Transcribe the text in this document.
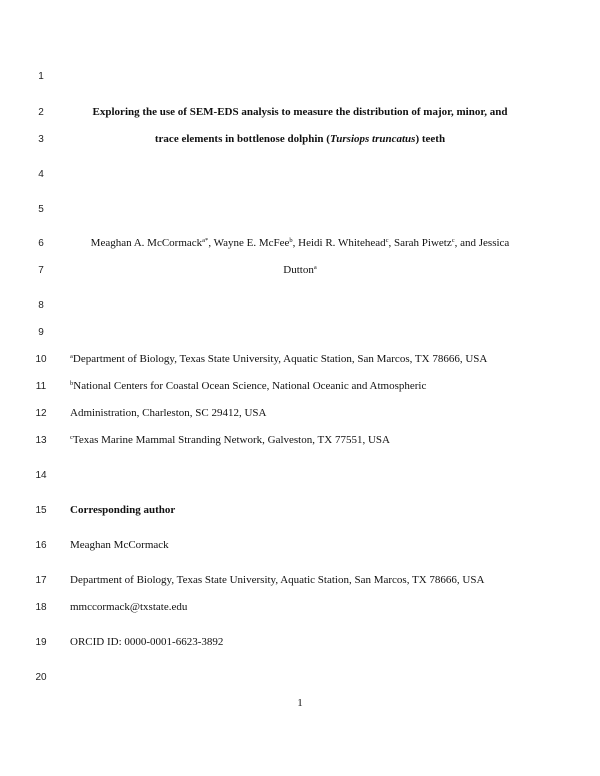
1
2
3
4
5
6
7
8
9
10
11
12
13
14
15
16
17
18
19
20
Exploring the use of SEM-EDS analysis to measure the distribution of major, minor, and
trace elements in bottlenose dolphin (Tursiops truncatus) teeth
Meaghan A. McCormack$^{a*}$, Wayne E. McFee$^b$, Heidi R. Whitehead$^c$, Sarah Piwetz$^c$, and Jessica
Dutton$^a$
$^a$Department of Biology, Texas State University, Aquatic Station, San Marcos, TX 78666, USA
$^b$National Centers for Coastal Ocean Science, National Oceanic and Atmospheric
Administration, Charleston, SC 29412, USA
$^c$Texas Marine Mammal Stranding Network, Galveston, TX 77551, USA
Corresponding author
Meaghan McCormack
Department of Biology, Texas State University, Aquatic Station, San Marcos, TX 78666, USA
mmccormack@txstate.edu
ORCID ID: 0000-0001-6623-3892
1
